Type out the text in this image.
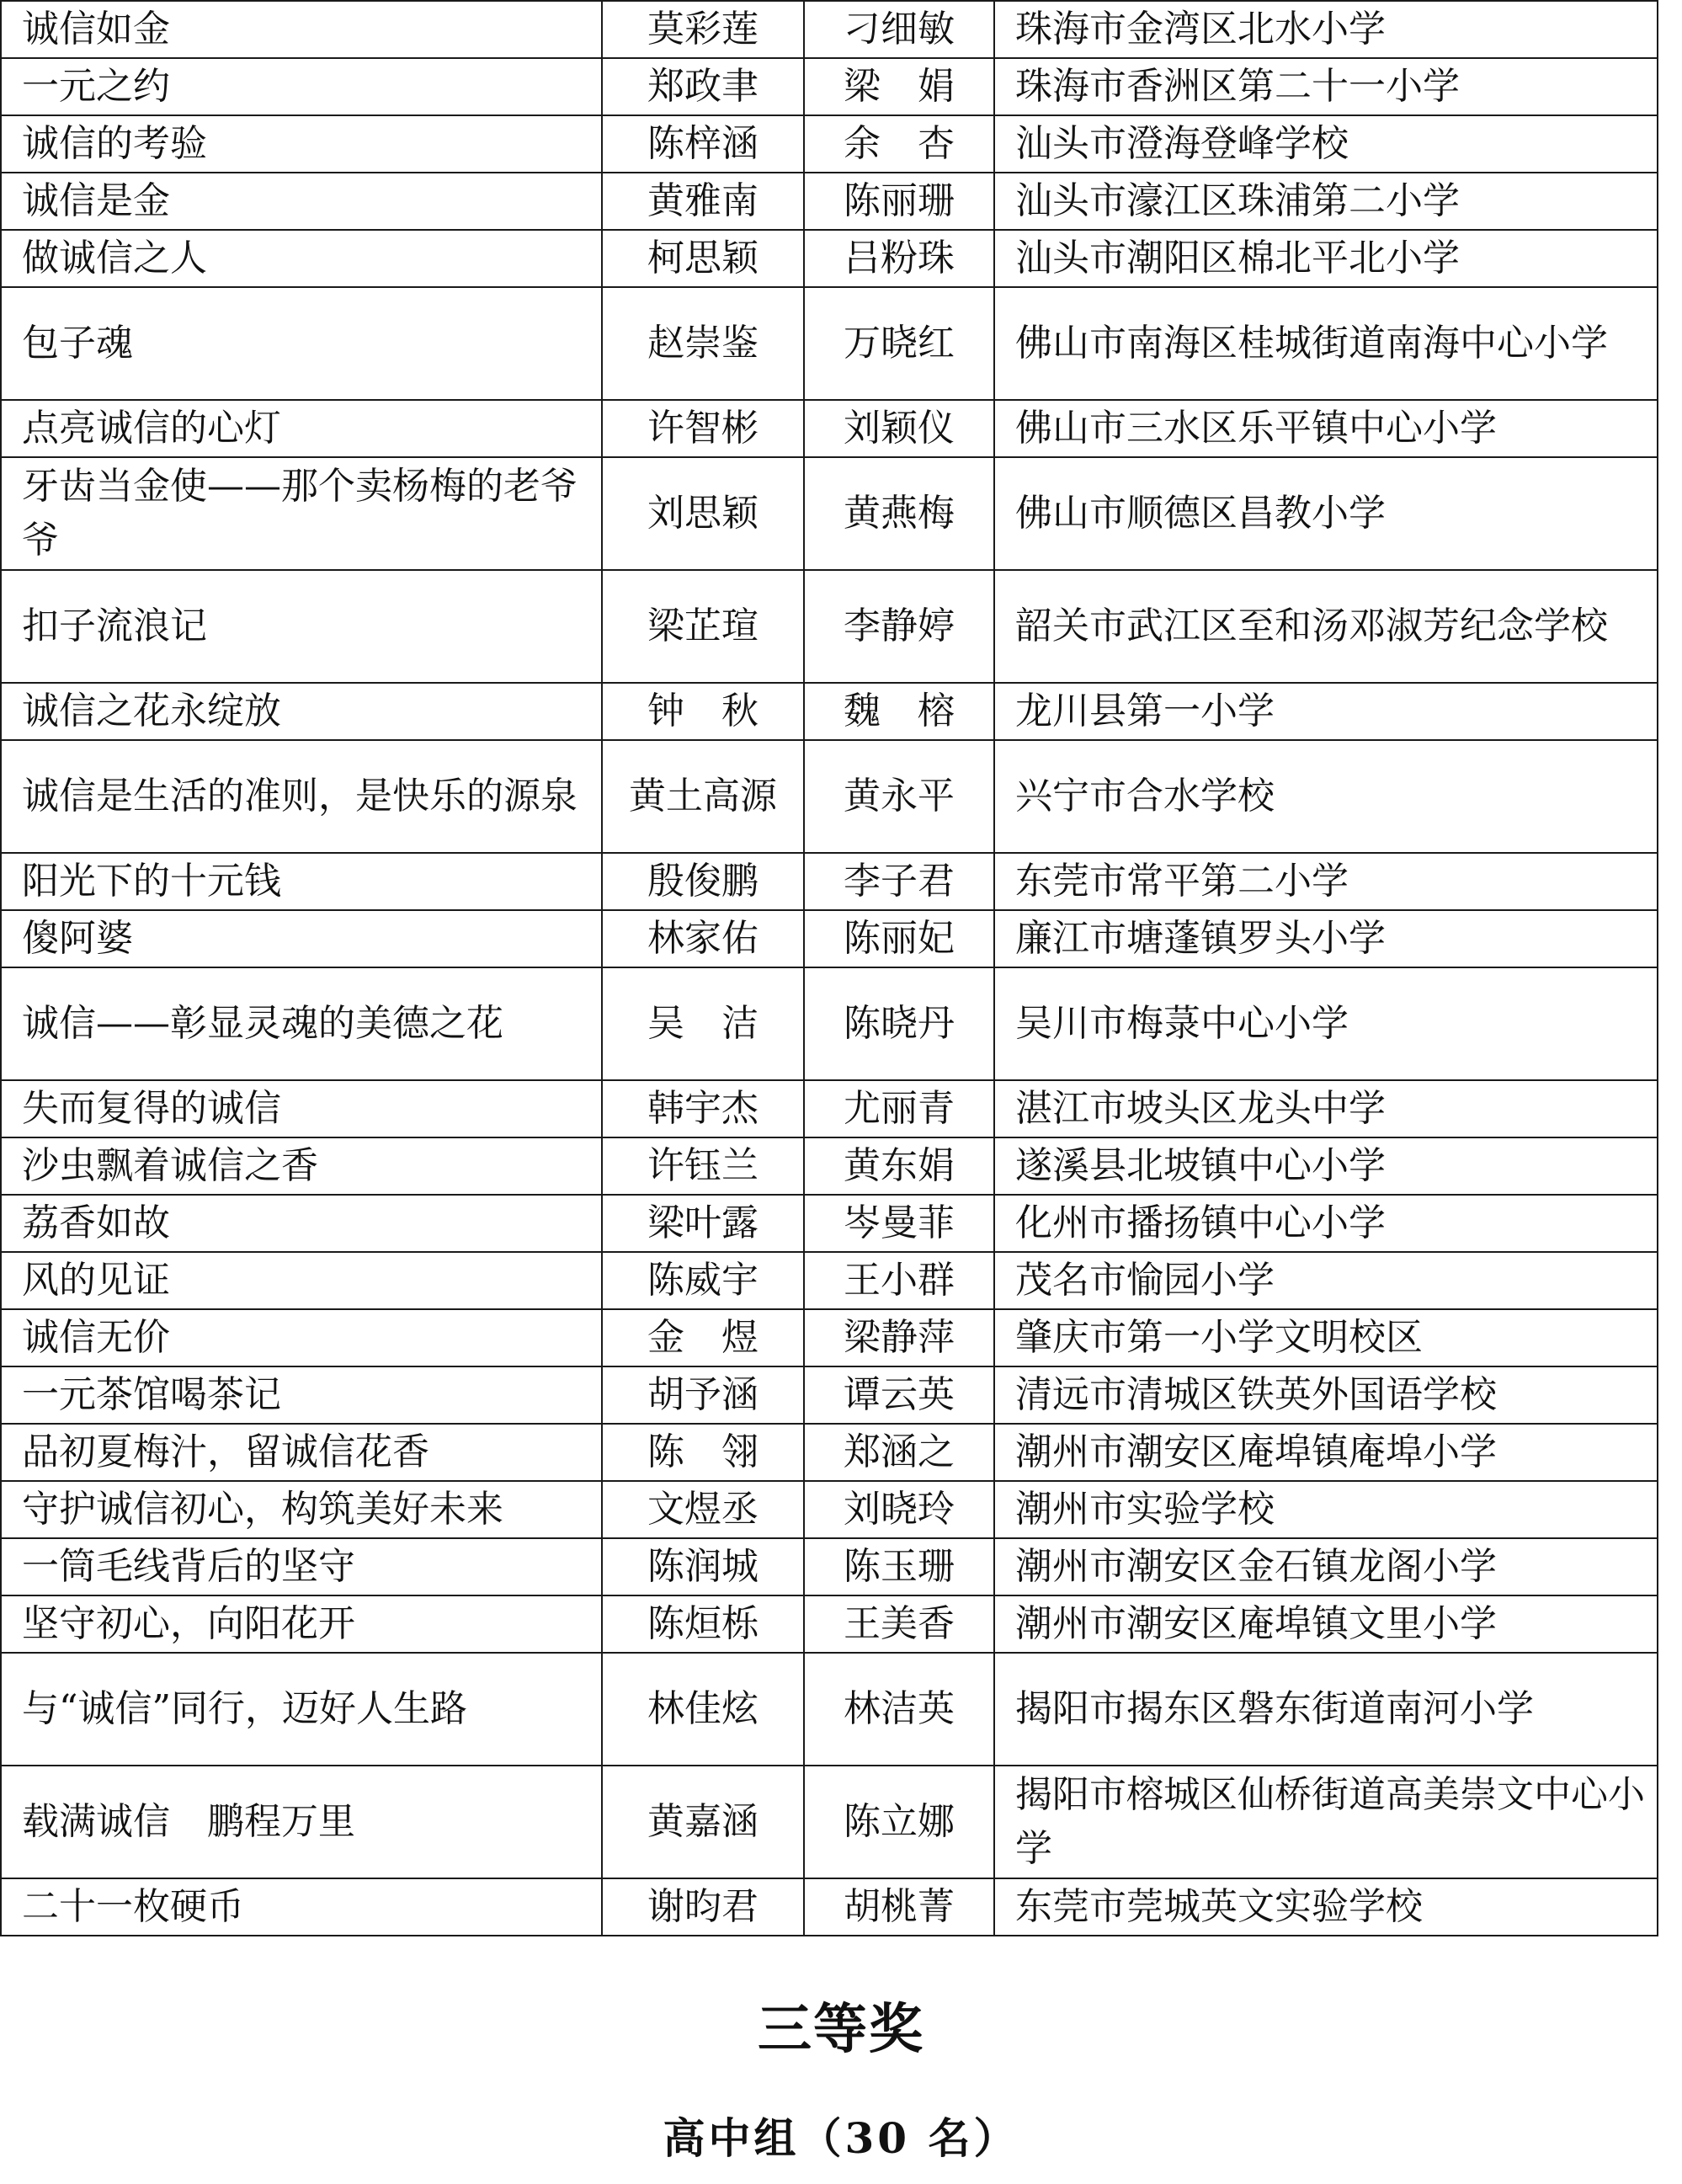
诚信如金	莫彩莲	刁细敏	珠海市金湾区北水小学
一元之约	郑政聿	梁　娟	珠海市香洲区第二十一小学
诚信的考验	陈梓涵	余　杏	汕头市澄海登峰学校
诚信是金	黄雅南	陈丽珊	汕头市濠江区珠浦第二小学
做诚信之人	柯思颖	吕粉珠	汕头市潮阳区棉北平北小学
包子魂	赵崇鉴	万晓红	佛山市南海区桂城街道南海中心小学
点亮诚信的心灯	许智彬	刘颖仪	佛山市三水区乐平镇中心小学
牙齿当金使——那个卖杨梅的老爷爷	刘思颖	黄燕梅	佛山市顺德区昌教小学
扣子流浪记	梁芷瑄	李静婷	韶关市武江区至和汤邓淑芳纪念学校
诚信之花永绽放	钟　秋	魏　榕	龙川县第一小学
诚信是生活的准则，是快乐的源泉	黄土高源	黄永平	兴宁市合水学校
阳光下的十元钱	殷俊鹏	李子君	东莞市常平第二小学
傻阿婆	林家佑	陈丽妃	廉江市塘蓬镇罗头小学
诚信——彰显灵魂的美德之花	吴　洁	陈晓丹	吴川市梅菉中心小学
失而复得的诚信	韩宇杰	尤丽青	湛江市坡头区龙头中学
沙虫飘着诚信之香	许钰兰	黄东娟	遂溪县北坡镇中心小学
荔香如故	梁叶露	岑曼菲	化州市播扬镇中心小学
风的见证	陈威宇	王小群	茂名市愉园小学
诚信无价	金　煜	梁静萍	肇庆市第一小学文明校区
一元茶馆喝茶记	胡予涵	谭云英	清远市清城区铁英外国语学校
品初夏梅汁，留诚信花香	陈　翎	郑涵之	潮州市潮安区庵埠镇庵埠小学
守护诚信初心，构筑美好未来	文煜丞	刘晓玲	潮州市实验学校
一筒毛线背后的坚守	陈润城	陈玉珊	潮州市潮安区金石镇龙阁小学
坚守初心，向阳花开	陈烜栎	王美香	潮州市潮安区庵埠镇文里小学
与“诚信”同行，迈好人生路	林佳炫	林洁英	揭阳市揭东区磐东街道南河小学
载满诚信　鹏程万里	黄嘉涵	陈立娜	揭阳市榕城区仙桥街道高美崇文中心小学
二十一枚硬币	谢昀君	胡桃菁	东莞市莞城英文实验学校
三等奖
高中组（30 名）
